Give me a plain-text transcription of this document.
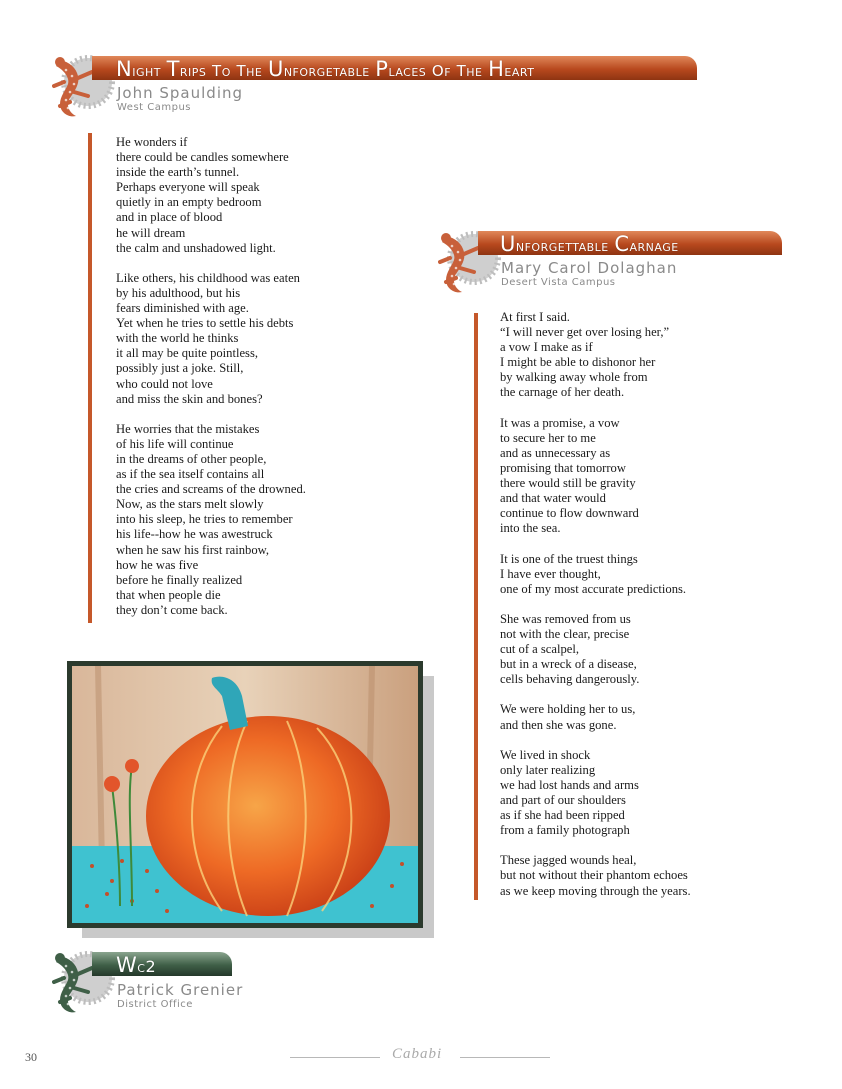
Night Trips to the Unforgetable Places of the Heart
John Spaulding
West Campus

He wonders if

there could be candles somewhere

inside the earth’s tunnel.

Perhaps everyone will speak

quietly in an empty bedroom

and in place of blood

he will dream

the calm and unshadowed light.

Like others, his childhood was eaten

by his adulthood, but his

fears diminished with age.

Yet when he tries to settle his debts

with the world he thinks

it all may be quite pointless,

possibly just a joke. Still,

who could not love

and miss the skin and bones?

He worries that the mistakes

of his life will continue

in the dreams of other people,

as if the sea itself contains all

the cries and screams of the drowned.

Now, as the stars melt slowly

into his sleep, he tries to remember

his life--how he was awestruck

when he saw his first rainbow,

how he was five

before he finally realized

that when people die

they don’t come back.

Unforgettable Carnage
Mary Carol Dolaghan
Desert Vista Campus

At first I said.

“I will never get over losing her,”

a vow I make as if

I might be able to dishonor her

by walking away whole from

the carnage of her death.

It was a promise, a vow

to secure her to me

and as unnecessary as

promising that tomorrow

there would still be gravity

and that water would

continue to flow downward

into the sea.

It is one of the truest things

I have ever thought,

one of my most accurate predictions.

She was removed from us

not with the clear, precise

cut of a scalpel,

but in a wreck of a disease,

cells behaving dangerously.

We were holding her to us,

and then she was gone.

We lived in shock

only later realizing

we had lost hands and arms

and part of our shoulders

as if she had been ripped

from a family photograph

These jagged wounds heal,

but not without their phantom echoes

as we keep moving through the years.

Wc2
Patrick Grenier
District Office
30	Cababi
